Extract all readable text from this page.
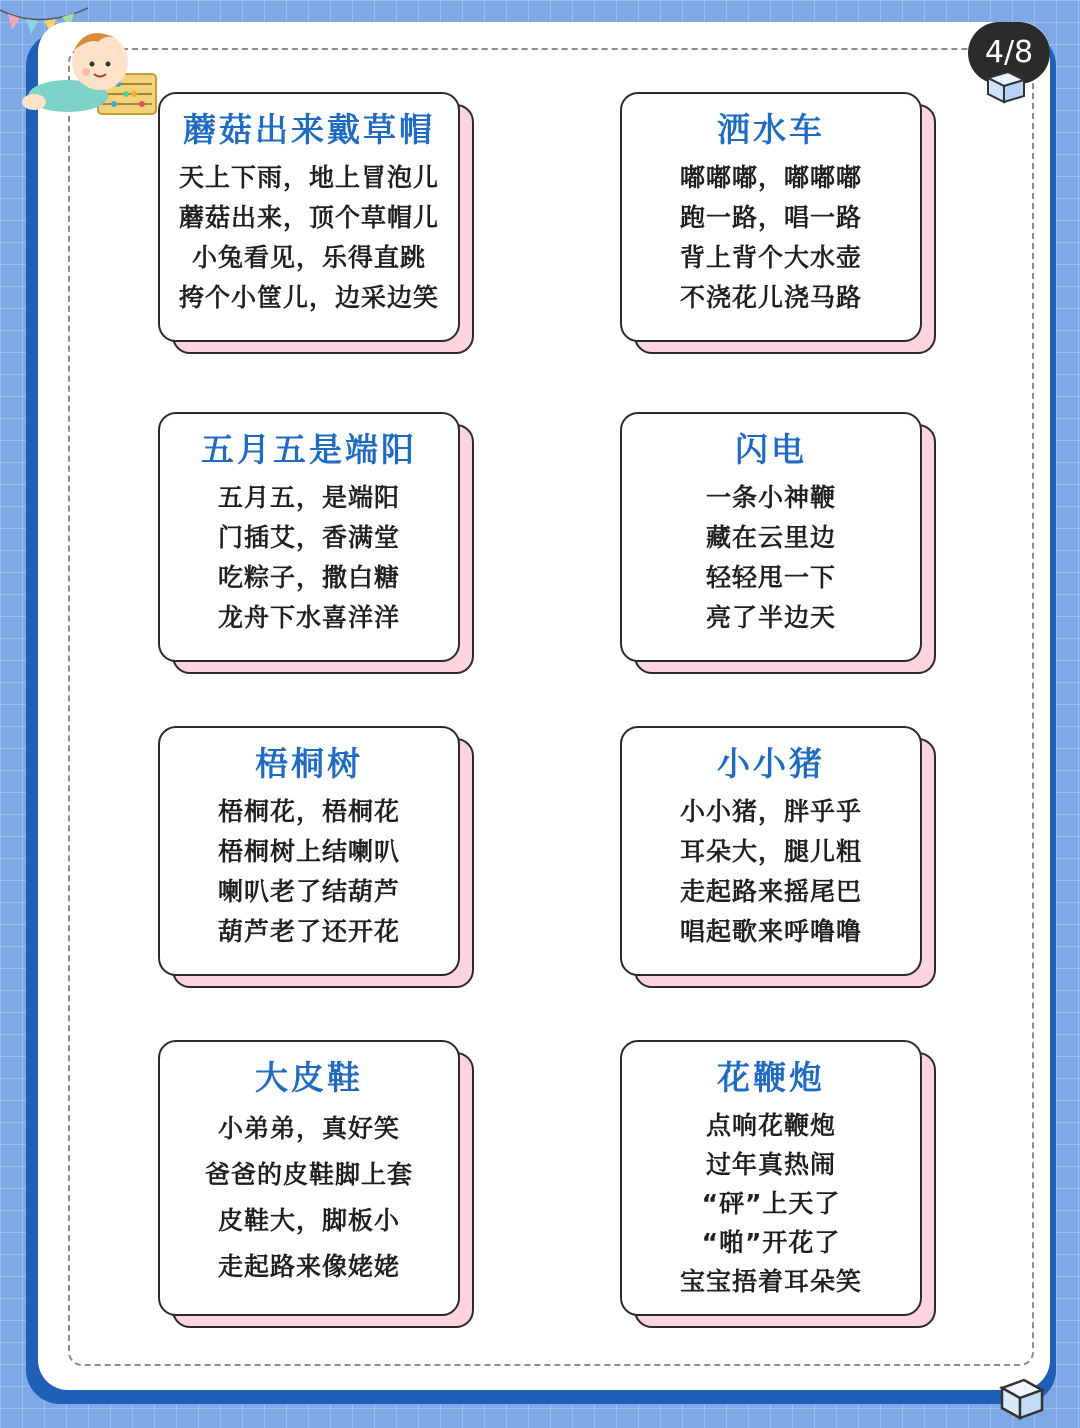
4/8
蘑菇出来戴草帽
天上下雨，地上冒泡儿
蘑菇出来，顶个草帽儿
小兔看见，乐得直跳
挎个小筐儿，边采边笑
洒水车
嘟嘟嘟，嘟嘟嘟
跑一路，唱一路
背上背个大水壶
不浇花儿浇马路
五月五是端阳
五月五，是端阳
门插艾，香满堂
吃粽子，撒白糖
龙舟下水喜洋洋
闪电
一条小神鞭
藏在云里边
轻轻甩一下
亮了半边天
梧桐树
梧桐花，梧桐花
梧桐树上结喇叭
喇叭老了结葫芦
葫芦老了还开花
小小猪
小小猪，胖乎乎
耳朵大，腿儿粗
走起路来摇尾巴
唱起歌来呼噜噜
大皮鞋
小弟弟，真好笑
爸爸的皮鞋脚上套
皮鞋大，脚板小
走起路来像姥姥
花鞭炮
点响花鞭炮
过年真热闹
“砰”上天了
“啪”开花了
宝宝捂着耳朵笑
